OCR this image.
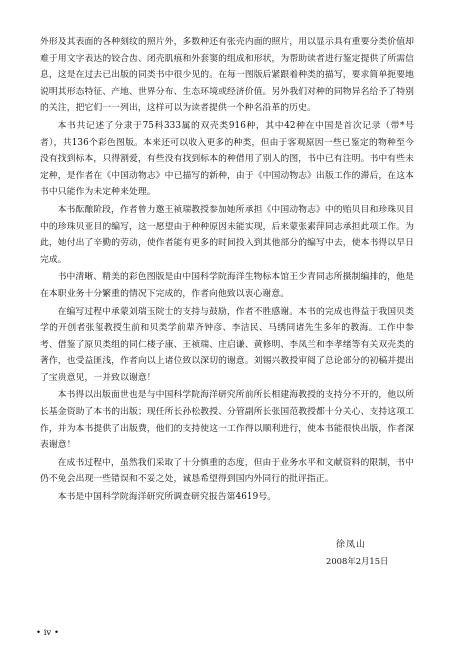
外形及其表面的各种刻纹的照片外，多数种还有张壳内面的照片，用以显示具有重要分类价值却难于用文字表达的铰合齿、闭壳肌痕和外套窦的组成和形状，为帮助读者进行鉴定提供了所需信息，这是在过去已出版的同类书中很少见的。在每一图版后紧跟着种类的描写，要求简单扼要地说明其形态特征、产地、世界分布、生态环境或经济价值。另外我们对种的同物异名给予了特别的关注，把它们一一列出，这样可以为读者提供一个种名沿革的历史。

本书共记述了分隶于75科333属的双壳类916种，其中42种在中国是首次记录（带*号者），共136个彩色图版。本来还可以收入更多的种类，但由于客观原因一些已鉴定的物种至今没有找到标本，只得割爱，有些没有找到标本的种借用了别人的图，书中已有注明。书中有些未定种，是作者在《中国动物志》中已描写的新种，由于《中国动物志》出版工作的滞后，在这本书中只能作为未定种来处理。

本书酝酿阶段，作者曾力邀王祯瑞教授参加她所承担《中国动物志》中的贻贝目和珍珠贝目中的珍珠贝亚目的编写，这一愿望由于种种原因未能实现，后来蒙张素萍同志承担此项工作。为此，她付出了辛勤的劳动，使作者能有更多的时间投入到其他部分的编写中去，使本书得以早日完成。

书中清晰、精美的彩色图版是由中国科学院海洋生物标本馆王少青同志所摄制编排的，他是在本职业务十分繁重的情况下完成的，作者向他致以衷心谢意。

在编写过程中承蒙刘瑞玉院士的支持与鼓励，作者不胜感谢。本书的完成也得益于我国贝类学的开创者张玺教授生前和贝类学前辈齐钟彦、李洁民、马绣同诸先生多年的教海。工作中参考、借鉴了原贝类组的同仁楼子康、王祯瑞、庄启谦、黄修明、李凤兰和李孝绪等有关双壳类的著作，也受益匪浅，作者向以上诸位致以深切的谢意。刘锡兴教授审阅了总论部分的初稿并提出了宝贵意见，一并致以谢意！

本书得以出版面世也是与中国科学院海洋研究所前所长相建海教授的支持分不开的，他以所长基金资助了本书的出版；现任所长孙松教授、分管副所长张国范教授都十分关心、支持这项工作，并为本书提供了出版费，他们的支持使这一工作得以顺利进行，使本书能很快出版，作者深表谢意！

在成书过程中，虽然我们采取了十分慎重的态度，但由于业务水平和文献资料的限制，书中仍不免会出现一些错误和不妥之处，诚恳希望得到国内外同行的批评指正。

本书是中国科学院海洋研究所调查研究报告第4619号。

徐凤山
2008年2月15日
• iv •
